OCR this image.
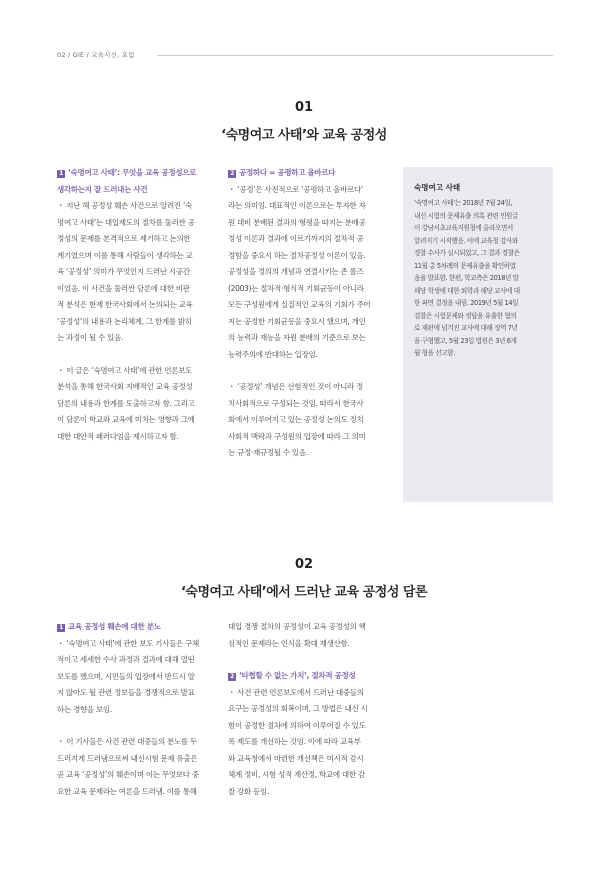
02 / GIE / 교육시선, 포럼
01
‘숙명여고 사태’와 교육 공정성
1 ‘숙명여고 사태’: 무엇을 교육 공정성으로
생각하는지 잘 드러내는 사건

・ 지난 해 공정성 훼손 사건으로 알려진 ‘숙
명여고 사태’는 대입제도의 절차를 둘러싼 공
정성의 문제를 본격적으로 제기하고 논의한
계기였으며 이를 통해 사람들이 생각하는 교
육 ‘공정성’ 의미가 무엇인지 드러난 시공간
이었음. 이 사건을 둘러싼 담론에 대한 비판
적 분석은 현재 한국사회에서 논의되는 교육
‘공정성’의 내용과 논리체계, 그 한계를 밝히
는 과정이 될 수 있음.

・ 이 글은 ‘숙명여고 사태’에 관한 언론보도
분석을 통해 한국사회 지배적인 교육 공정성
담론의 내용과 한계를 도출하고자 함. 그리고
이 담론이 학교와 교육에 미치는 영향과 그에
대한 대안적 패러다임을 제시하고자 함.

2 공정하다 = 공평하고 올바르다

・ ‘공정’은 사전적으로 ‘공평하고 올바르다’
라는 의미임. 대표적인 이론으로는 투자한 자
원 대비 분배된 결과의 형평을 따지는 분배공
정성 이론과 결과에 이르기까지의 절차적 공
정함을 중요시 하는 절차공정성 이론이 있음.
공정성을 정의의 개념과 연결시키는 존 롤즈
(2003)는 절차적·형식적 기회균등이 아니라
모든 구성원에게 실질적인 교육의 기회가 주어
지는 공정한 기회균등을 중요시 했으며, 개인
의 능력과 재능을 자원 분배의 기준으로 보는
능력주의에 반대하는 입장임.

・ ‘공정성’ 개념은 선험적인 것이 아니라 정
치사회적으로 구성되는 것임. 따라서 한국사
회에서 이루어지고 있는 공정성 논의도 정치
사회적 맥락과 구성원의 입장에 따라 그 의미
는 규정·재규정될 수 있음.

숙명여고 사태
‘숙명여고 사태’는 2018년 7월 24일,
내신 시험의 문제유출 의혹 관련 민원글
이 강남서초교육지원청에 올라오면서
알려지기 시작했음. 이에 교육청 감사와
경찰 수사가 실시되었고, 그 결과 경찰은
11월 총 5차례의 문제유출을 확인하였
음을 발표함. 한편, 학교측은 2018년 말
해당 학생에 대한 퇴학과 해당 교사에 대
한 파면 결정을 내림. 2019년 5월 14일
검찰은 시험문제와 정답을 유출한 혐의
로 재판에 넘겨진 교사에 대해 징역 7년
을 구형했고, 5월 23일 법원은 3년 6개
월 형을 선고함.
02
‘숙명여고 사태’에서 드러난 교육 공정성 담론
1 교육 공정성 훼손에 대한 분노

・ ‘숙명여고 사태’에 관한 보도 기사들은 구체
적이고 세세한 수사 과정과 결과에 대해 열띤
보도를 했으며, 시민들의 입장에서 반드시 알
지 않아도 될 관련 정보들을 경쟁적으로 발표
하는 경향을 보임.

・ 이 기사들은 사건 관련 대중들의 분노를 두
드러지게 드러냄으로써 내신시험 문제 유출은
곧 교육 ‘공정성’의 훼손이며 이는 무엇보다 중
요한 교육 문제라는 여론을 드러냄. 이를 통해

대입 경쟁 절차의 공정성이 교육 공정성의 핵
심적인 문제라는 인식을 확대 재생산함.

2 ‘타협할 수 없는 가치’, 절차적 공정성

・ 사건 관련 언론보도에서 드러난 대중들의
요구는 공정성의 회복이며, 그 방법은 내신 시
험이 공정한 절차에 의하여 이루어질 수 있도
록 제도를 개선하는 것임. 이에 따라 교육부
와 교육청에서 마련한 개선책은 미시적 감시
체계 정비, 시험 성적 재산정, 학교에 대한 감
찰 강화 등임.
